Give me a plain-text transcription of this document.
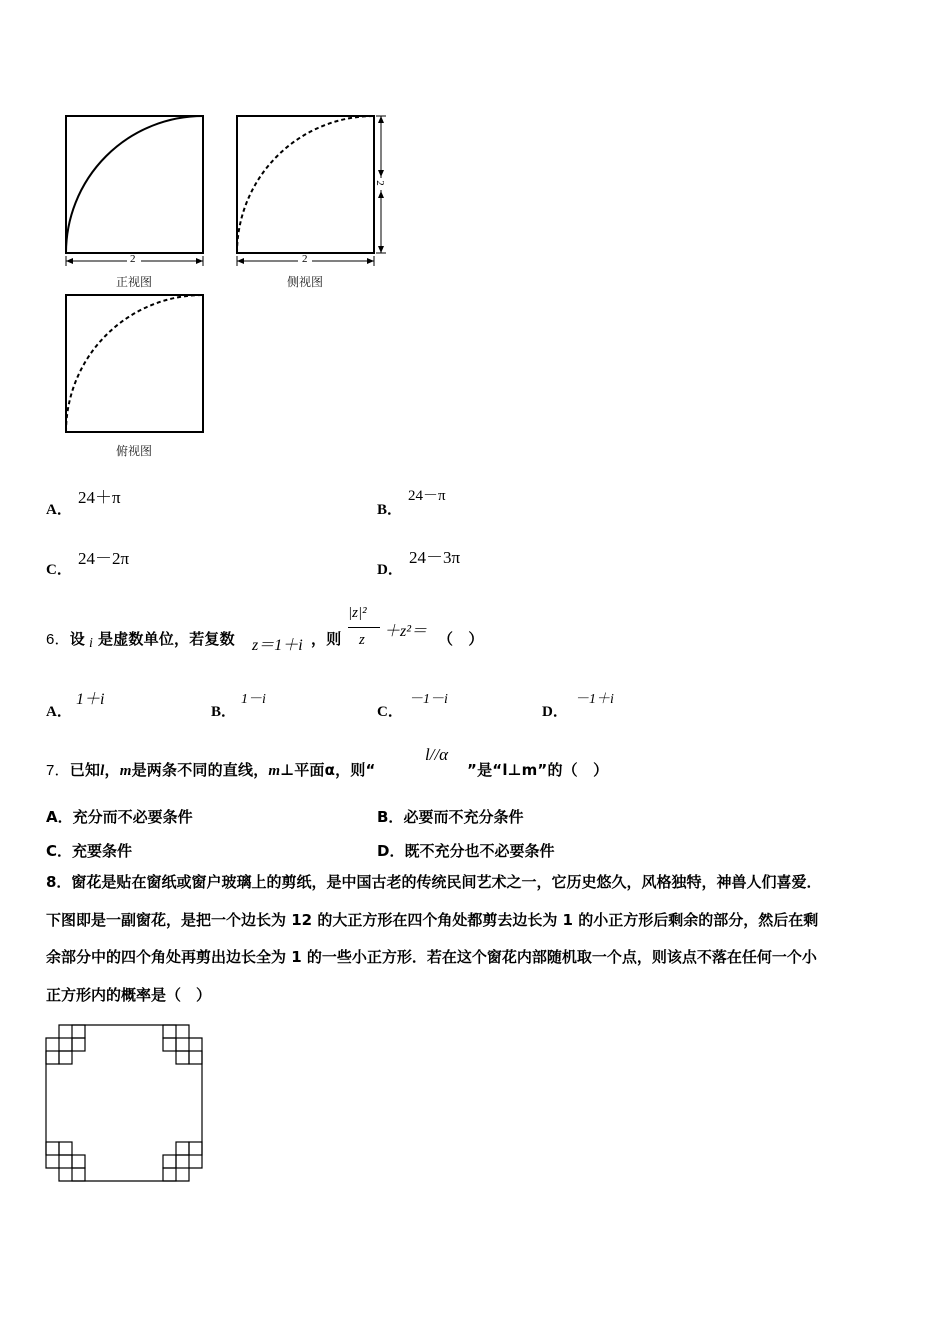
2	2
2
正视图	侧视图
俯视图
A．
24＋π
B．
24－π
C．
24－2π
D．
24－3π
6．设 i 是虚数单位，若复数 z＝1＋i ，则
|z|²
z ＋z²＝ （　）
A．
1＋i
B．
1－i
C．
－1－i
D．
－1＋i
7．已知l，m是两条不同的直线，m⊥平面α，则“
l//α
”是“l⊥m”的（　）
A．充分而不必要条件	B．必要而不充分条件
C．充要条件	D．既不充分也不必要条件
8．窗花是贴在窗纸或窗户玻璃上的剪纸，是中国古老的传统民间艺术之一，它历史悠久，风格独特，神兽人们喜爱．
下图即是一副窗花，是把一个边长为 12 的大正方形在四个角处都剪去边长为 1 的小正方形后剩余的部分，然后在剩
余部分中的四个角处再剪出边长全为 1 的一些小正方形．若在这个窗花内部随机取一个点，则该点不落在任何一个小
正方形内的概率是（　）
